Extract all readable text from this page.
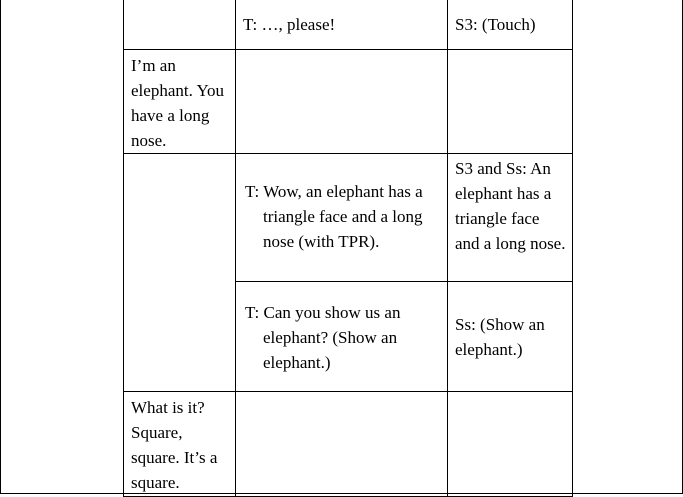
	T: …, please!	S3: (Touch)

I’m an elephant. You have a long nose.		

	T: Wow, an elephant has a triangle face and a long nose (with TPR).	S3 and Ss: An elephant has a triangle face and a long nose.

	T: Can you show us an elephant? (Show an elephant.)	Ss: (Show an elephant.)

What is it? Square, square. It’s a square.		
